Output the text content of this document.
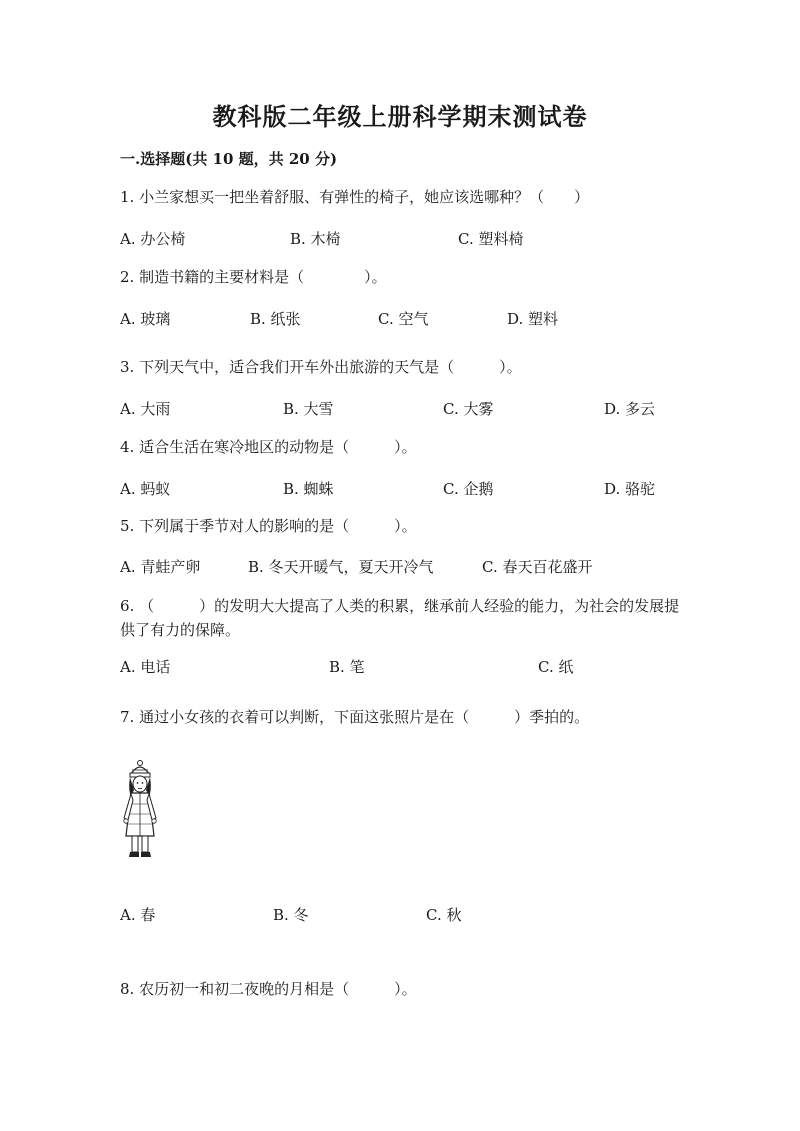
教科版二年级上册科学期末测试卷
一.选择题(共 10 题，共 20 分)
1. 小兰家想买一把坐着舒服、有弹性的椅子，她应该选哪种？（　　）
A. 办公椅	B. 木椅	C. 塑料椅
2. 制造书籍的主要材料是（　　　　）。
A. 玻璃	B. 纸张	C. 空气	D. 塑料
3. 下列天气中，适合我们开车外出旅游的天气是（　　　）。
A. 大雨	B. 大雪	C. 大雾	D. 多云
4. 适合生活在寒冷地区的动物是（　　　）。
A. 蚂蚁	B. 蜘蛛	C. 企鹅	D. 骆驼
5. 下列属于季节对人的影响的是（　　　）。
A. 青蛙产卵	B. 冬天开暖气，夏天开冷气	C. 春天百花盛开
6. （　　　）的发明大大提高了人类的积累，继承前人经验的能力，为社会的发展提供了有力的保障。
A. 电话	B. 笔	C. 纸
7. 通过小女孩的衣着可以判断，下面这张照片是在（　　　）季拍的。
A. 春	B. 冬	C. 秋
8. 农历初一和初二夜晚的月相是（　　　）。
